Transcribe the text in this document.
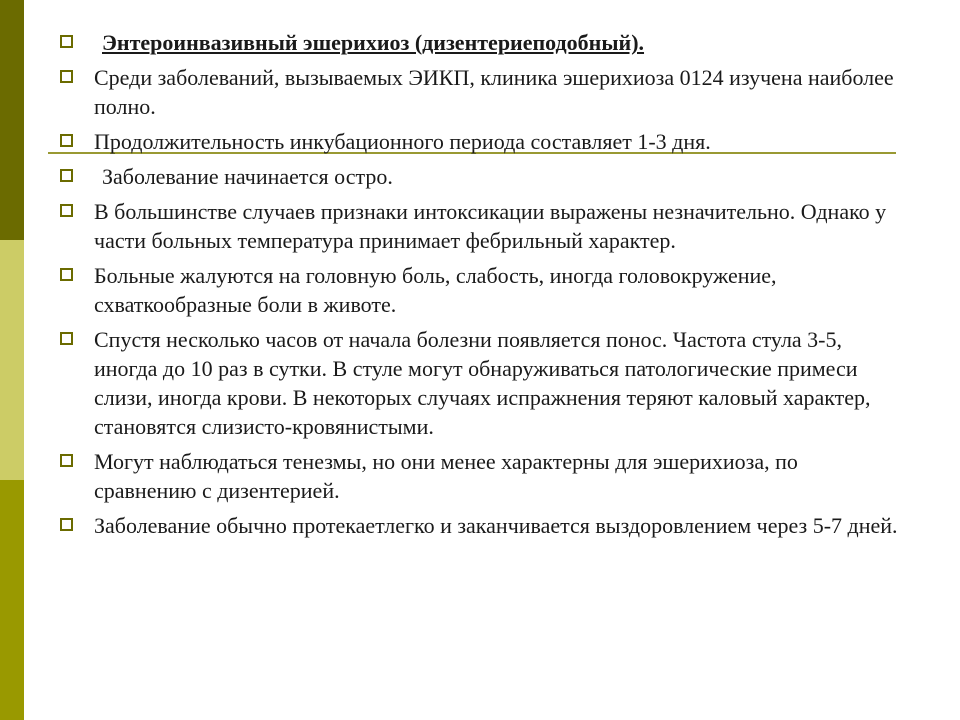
Энтероинвазивный эшерихиоз (дизентериеподобный).
Среди заболеваний, вызываемых ЭИКП, клиника эшерихиоза 0124 изучена наиболее полно.
Продолжительность инкубационного периода составляет 1-3 дня.
Заболевание начинается остро.
В большинстве случаев признаки интоксикации выражены незначительно. Однако у части больных температура принимает фебрильный характер.
Больные жалуются на головную боль, слабость, иногда головокружение, схваткообразные боли в животе.
Спустя несколько часов от начала болезни появляется понос. Частота стула 3-5, иногда до 10 раз в сутки. В стуле могут обнаруживаться патологические примеси слизи, иногда крови. В некоторых случаях испражнения теряют каловый характер, становятся слизисто-кровянистыми.
Могут наблюдаться тенезмы, но они менее характерны для эшерихиоза, по сравнению с дизентерией.
Заболевание обычно протекаетлегко и заканчивается выздоровлением через 5-7 дней.
